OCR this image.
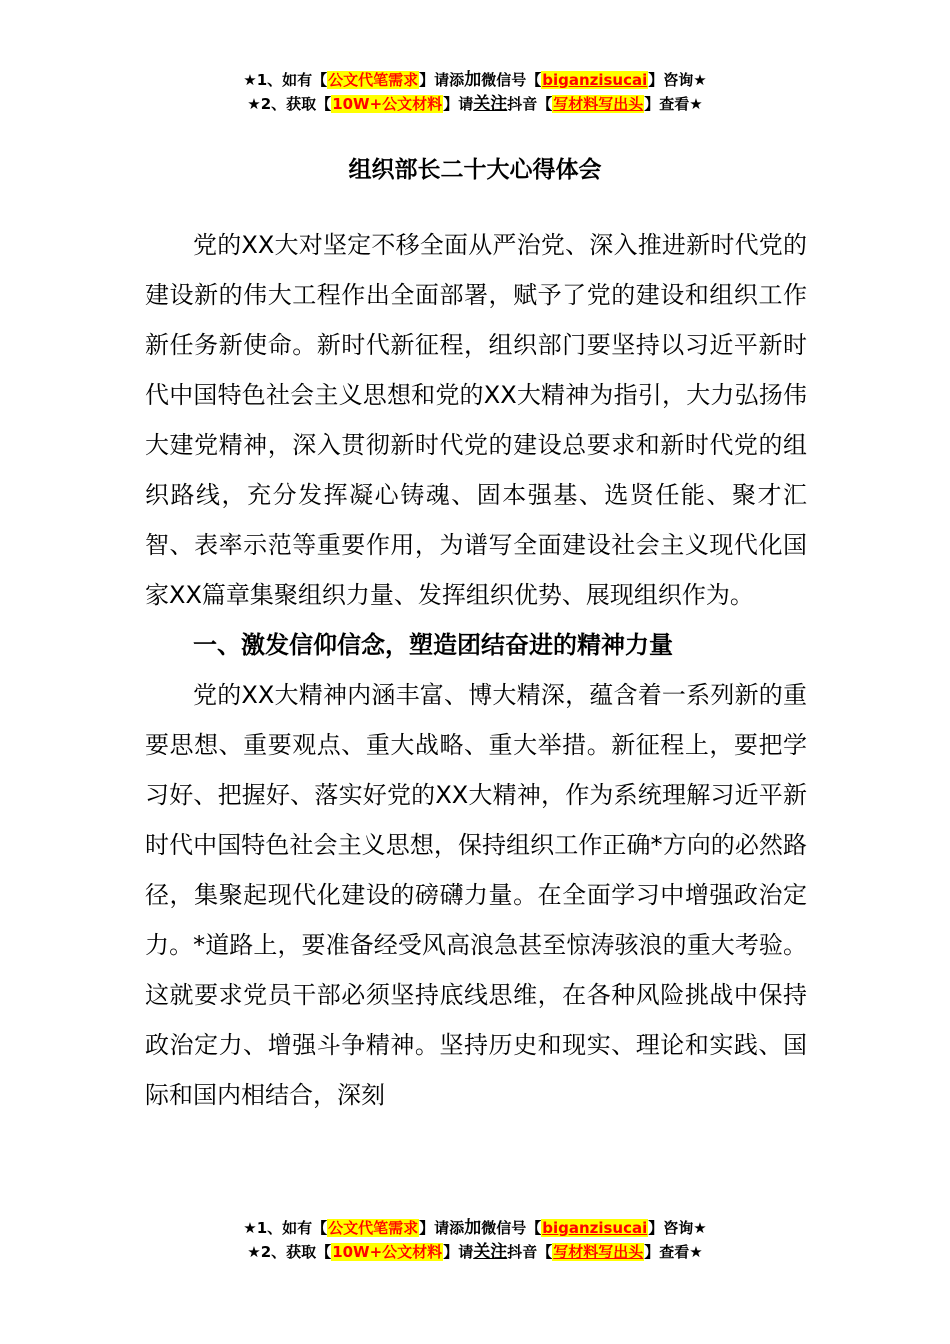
★1、如有【公文代笔需求】请添加微信号【biganzisucai】咨询★
★2、获取【10W+公文材料】请关注抖音【写材料写出头】查看★
组织部长二十大心得体会

党的XX大对坚定不移全面从严治党、深入推进新时代党的建设新的伟大工程作出全面部署，赋予了党的建设和组织工作新任务新使命。新时代新征程，组织部门要坚持以习近平新时代中国特色社会主义思想和党的XX大精神为指引，大力弘扬伟大建党精神，深入贯彻新时代党的建设总要求和新时代党的组织路线，充分发挥凝心铸魂、固本强基、选贤任能、聚才汇智、表率示范等重要作用，为谱写全面建设社会主义现代化国家XX篇章集聚组织力量、发挥组织优势、展现组织作为。

一、激发信仰信念，塑造团结奋进的精神力量

党的XX大精神内涵丰富、博大精深，蕴含着一系列新的重要思想、重要观点、重大战略、重大举措。新征程上，要把学习好、把握好、落实好党的XX大精神，作为系统理解习近平新时代中国特色社会主义思想，保持组织工作正确*方向的必然路径，集聚起现代化建设的磅礴力量。在全面学习中增强政治定力。*道路上，要准备经受风高浪急甚至惊涛骇浪的重大考验。这就要求党员干部必须坚持底线思维，在各种风险挑战中保持政治定力、增强斗争精神。坚持历史和现实、理论和实践、国际和国内相结合，深刻

★1、如有【公文代笔需求】请添加微信号【biganzisucai】咨询★
★2、获取【10W+公文材料】请关注抖音【写材料写出头】查看★
